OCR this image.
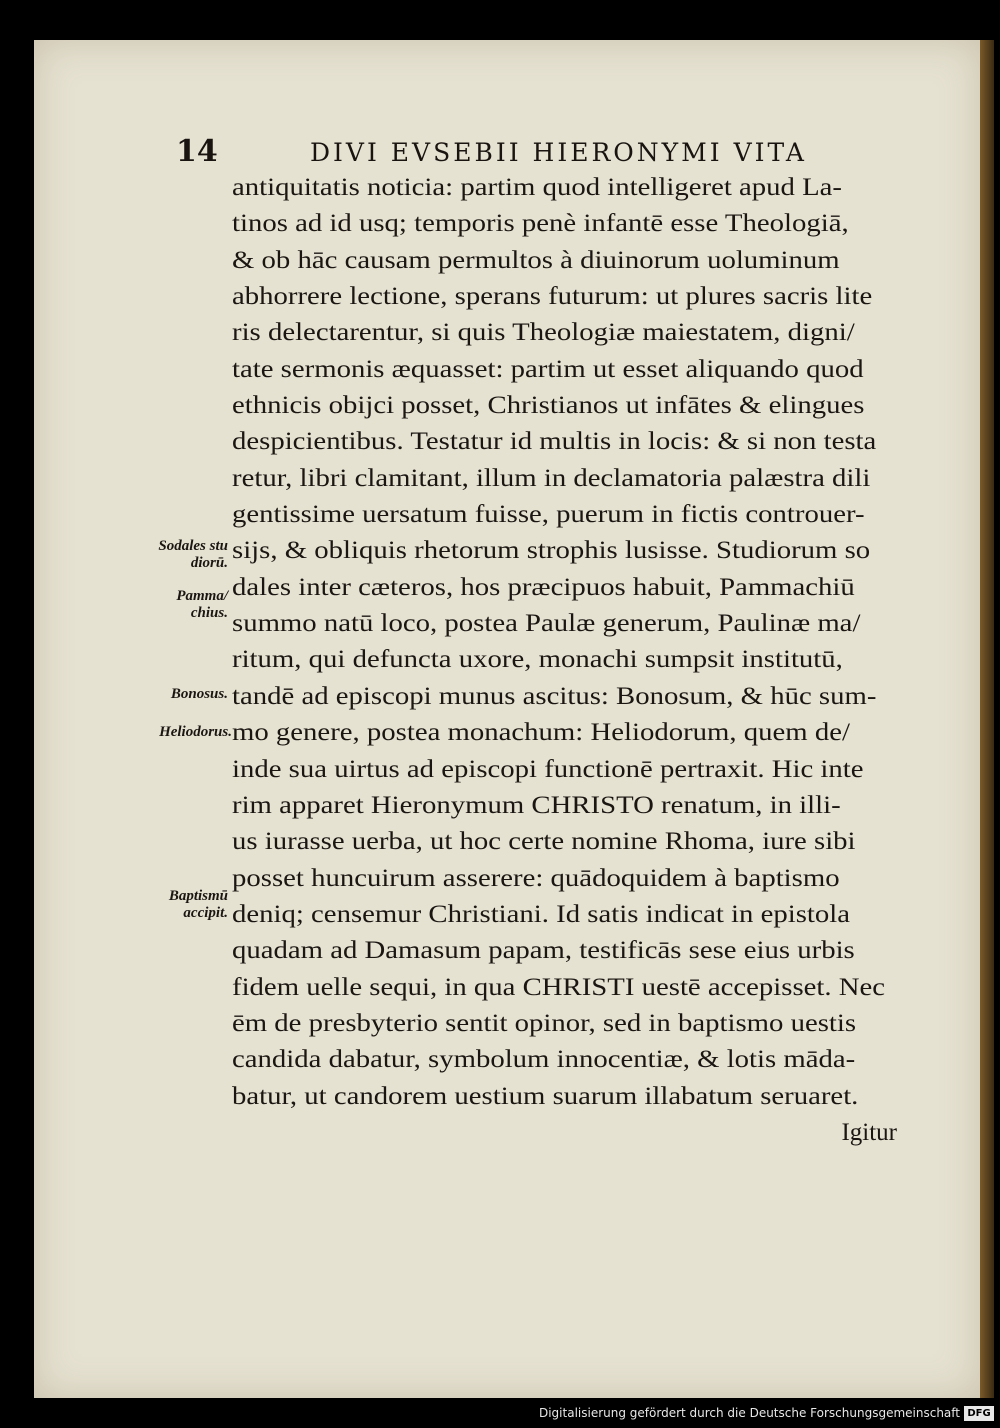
14	DIVI EVSEBII HIERONYMI VITA
antiquitatis noticia: partim quod intelligeret apud La-
tinos ad id usq; temporis penè infantē esse Theologiā,
& ob hāc causam permultos à diuinorum uoluminum
abhorrere lectione, sperans futurum: ut plures sacris lite
ris delectarentur, si quis Theologiæ maiestatem, digni/
tate sermonis æquasset: partim ut esset aliquando quod
ethnicis obijci posset, Christianos ut infātes & elingues
despicientibus. Testatur id multis in locis: & si non testa
retur, libri clamitant, illum in declamatoria palæstra dili
gentissime uersatum fuisse, puerum in fictis controuer-
sijs, & obliquis rhetorum strophis lusisse. Studiorum so
dales inter cæteros, hos præcipuos habuit, Pammachiū
summo natū loco, postea Paulæ generum, Paulinæ ma/
ritum, qui defuncta uxore, monachi sumpsit institutū,
tandē ad episcopi munus ascitus: Bonosum, & hūc sum-
mo genere, postea monachum: Heliodorum, quem de/
inde sua uirtus ad episcopi functionē pertraxit. Hic inte
rim apparet Hieronymum CHRISTO renatum, in illi-
us iurasse uerba, ut hoc certe nomine Rhoma, iure sibi
posset huncuirum asserere: quādoquidem à baptismo
deniq; censemur Christiani. Id satis indicat in epistola
quadam ad Damasum papam, testificās sese eius urbis
fidem uelle sequi, in qua CHRISTI uestē accepisset. Nec
ēm de presbyterio sentit opinor, sed in baptismo uestis
candida dabatur, symbolum innocentiæ, & lotis māda-
batur, ut candorem uestium suarum illabatum seruaret.
Igitur
Sodales stu
diorū.
Pamma/
chius.
Bonosus.
Heliodorus.
Baptismū
accipit.
Digitalisierung gefördert durch die Deutsche Forschungsgemeinschaft DFG
